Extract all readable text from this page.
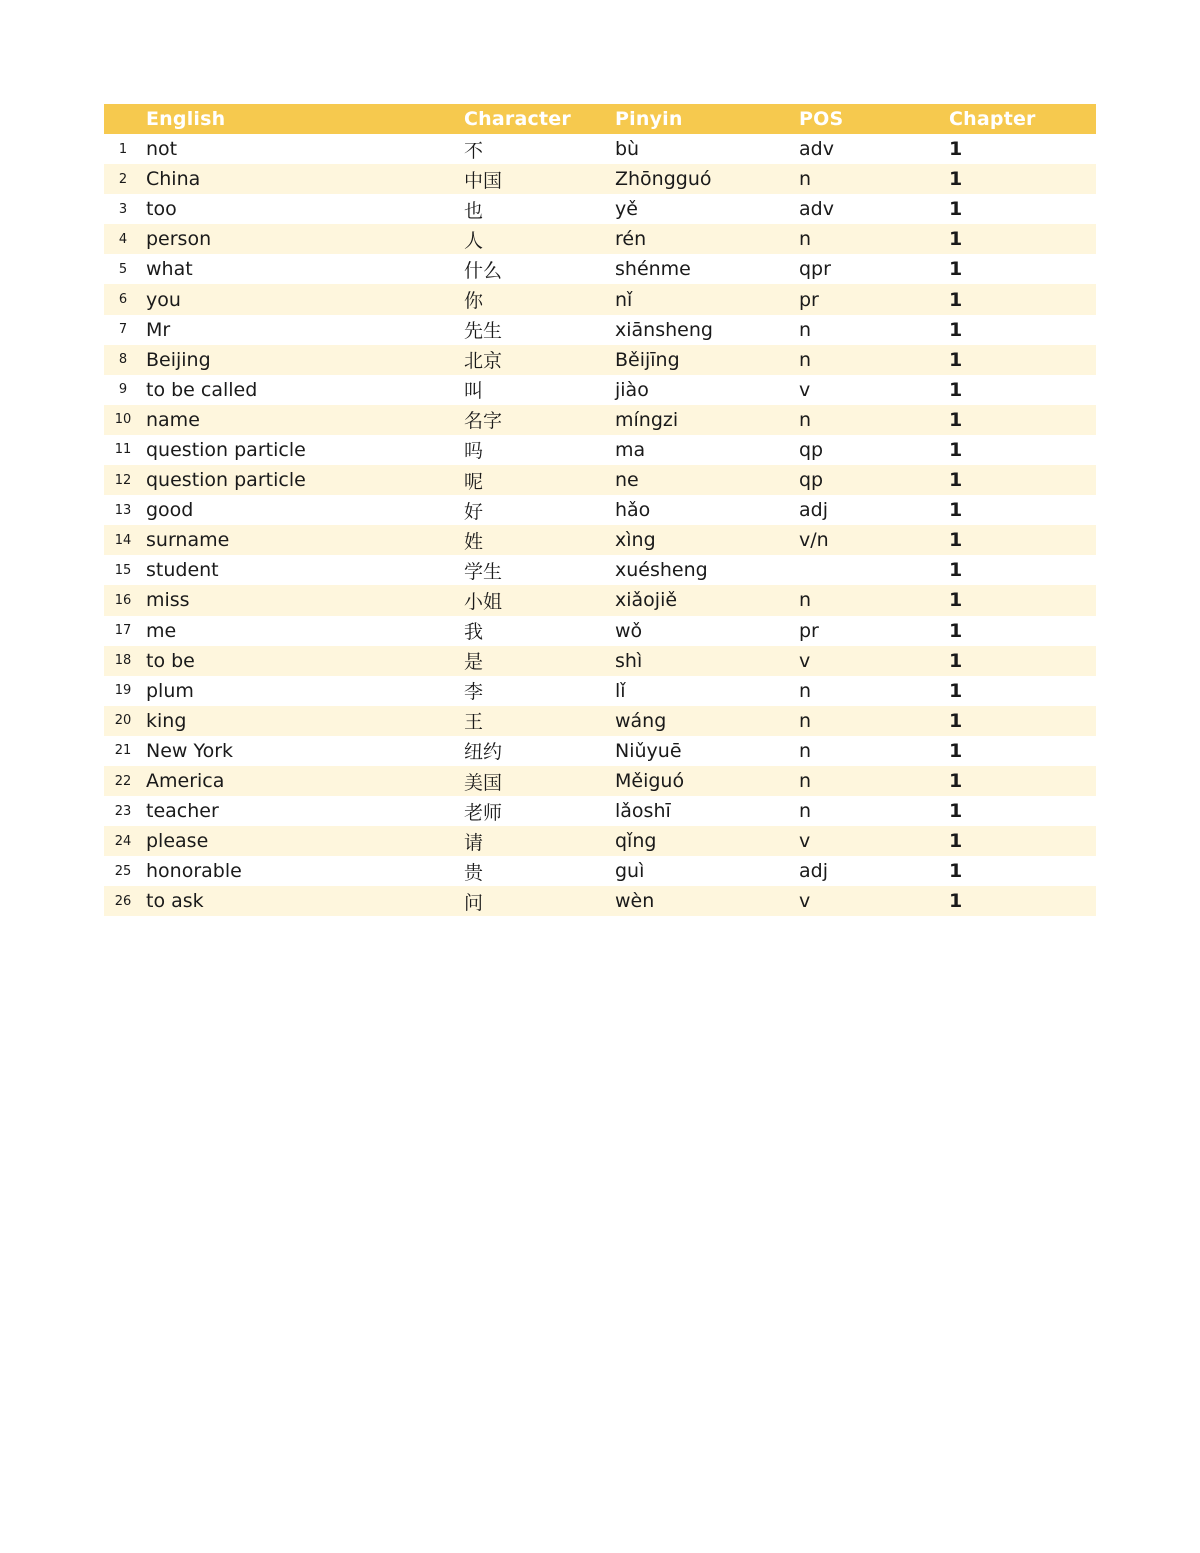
	English	Character	Pinyin	POS	Chapter
1	not	不	bù	adv	1
2	China	中国	Zhōngguó	n	1
3	too	也	yě	adv	1
4	person	人	rén	n	1
5	what	什么	shénme	qpr	1
6	you	你	nǐ	pr	1
7	Mr	先生	xiānsheng	n	1
8	Beijing	北京	Běijīng	n	1
9	to be called	叫	jiào	v	1
10	name	名字	míngzi	n	1
11	question particle	吗	ma	qp	1
12	question particle	呢	ne	qp	1
13	good	好	hǎo	adj	1
14	surname	姓	xìng	v/n	1
15	student	学生	xuésheng		1
16	miss	小姐	xiǎojiě	n	1
17	me	我	wǒ	pr	1
18	to be	是	shì	v	1
19	plum	李	lǐ	n	1
20	king	王	wáng	n	1
21	New York	纽约	Niǔyuē	n	1
22	America	美国	Měiguó	n	1
23	teacher	老师	lǎoshī	n	1
24	please	请	qǐng	v	1
25	honorable	贵	guì	adj	1
26	to ask	问	wèn	v	1
